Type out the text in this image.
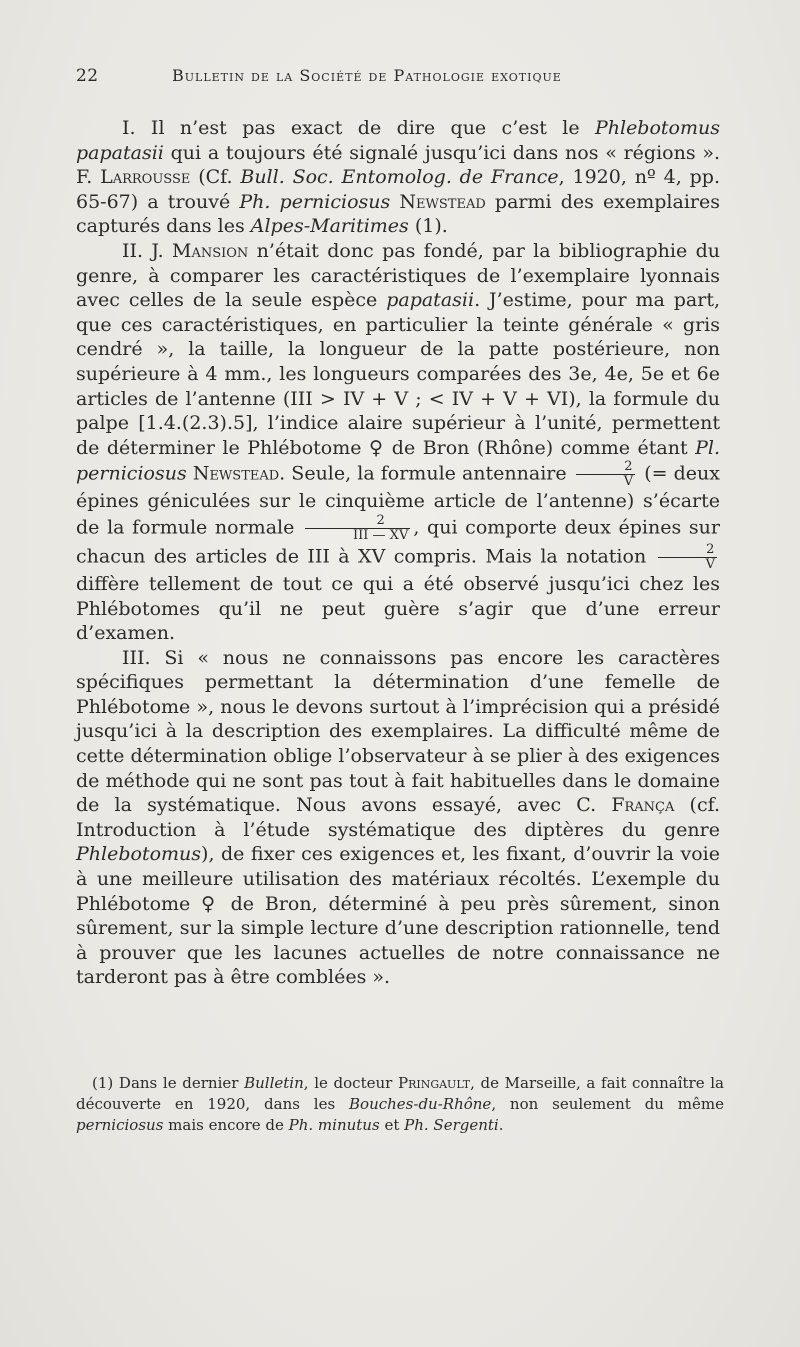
22	Bulletin de la Société de Pathologie exotique

I. Il n’est pas exact de dire que c’est le Phlebotomus papatasii qui a toujours été signalé jusqu’ici dans nos « régions ». F. Larrousse (Cf. Bull. Soc. Entomolog. de France, 1920, nº 4, pp. 65-67) a trouvé Ph. perniciosus Newstead parmi des exemplaires capturés dans les Alpes-Maritimes (1).

II. J. Mansion n’était donc pas fondé, par la bibliographie du genre, à comparer les caractéristiques de l’exemplaire lyonnais avec celles de la seule espèce papatasii. J’estime, pour ma part, que ces caractéristiques, en particulier la teinte générale « gris cendré », la taille, la longueur de la patte postérieure, non supérieure à 4 mm., les longueurs comparées des 3e, 4e, 5e et 6e articles de l’antenne (III > IV + V ; < IV + V + VI), la formule du palpe [1.4.(2.3).5], l’indice alaire supérieur à l’unité, permettent de déterminer le Phlébotome ♀ de Bron (Rhône) comme étant Pl. perniciosus Newstead. Seule, la formule antennaire $\frac{2}{V}$ (= deux épines géniculées sur le cinquième article de l’antenne) s’écarte de la formule normale $\frac{2}{\text{III — XV}}$ , qui comporte deux épines sur chacun des articles de III à XV compris. Mais la notation $\frac{2}{V}$
diffère tellement de tout ce qui a été observé jusqu’ici chez les Phlébotomes qu’il ne peut guère s’agir que d’une erreur d’examen.

III. Si « nous ne connaissons pas encore les caractères spécifiques permettant la détermination d’une femelle de Phlébotome », nous le devons surtout à l’imprécision qui a présidé jusqu’ici à la description des exemplaires. La difficulté même de cette détermination oblige l’observateur à se plier à des exigences de méthode qui ne sont pas tout à fait habituelles dans le domaine de la systématique. Nous avons essayé, avec C. França (cf. Introduction à l’étude systématique des diptères du genre Phlebotomus), de fixer ces exigences et, les fixant, d’ouvrir la voie à une meilleure utilisation des matériaux récoltés. L’exemple du Phlébotome ♀ de Bron, déterminé à peu près sûrement, sinon sûrement, sur la simple lecture d’une description rationnelle, tend à prouver que les lacunes actuelles de notre connaissance ne tarderont pas à être comblées ».

(1) Dans le dernier Bulletin, le docteur Pringault, de Marseille, a fait connaître la découverte en 1920, dans les Bouches-du-Rhône, non seulement du même perniciosus mais encore de Ph. minutus et Ph. Sergenti.
